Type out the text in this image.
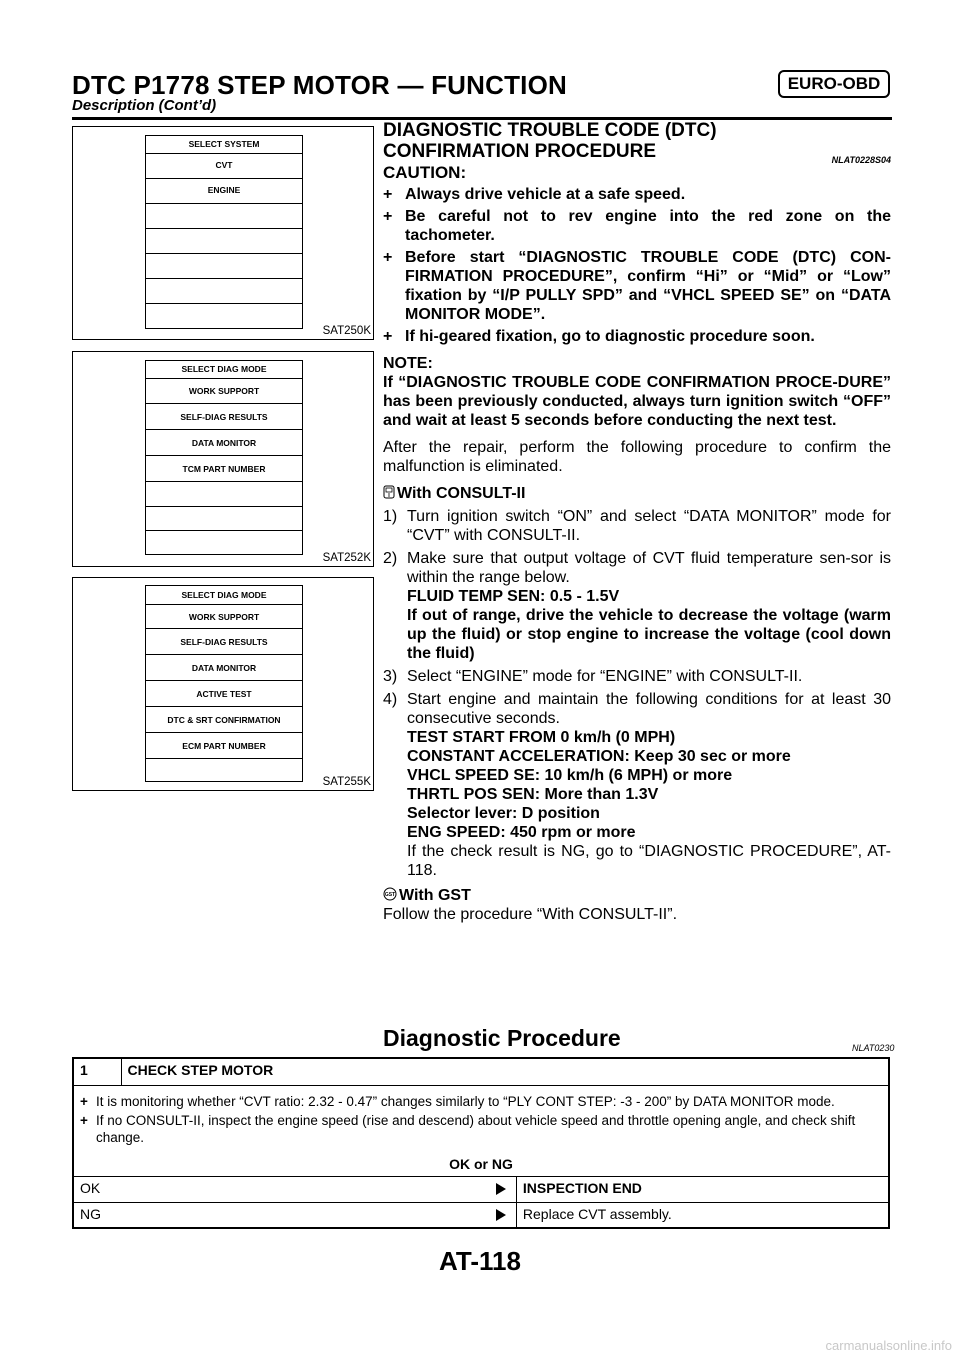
DTC P1778 STEP MOTOR — FUNCTION	EURO-OBD
Description (Cont’d)
SELECT SYSTEM
CVT
ENGINE
SAT250K
SELECT DIAG MODE
WORK SUPPORT
SELF-DIAG RESULTS
DATA MONITOR
TCM PART NUMBER
SAT252K
SELECT DIAG MODE
WORK SUPPORT
SELF-DIAG RESULTS
DATA MONITOR
ACTIVE TEST
DTC & SRT CONFIRMATION
ECM PART NUMBER
SAT255K
NLAT0228S04
DIAGNOSTIC TROUBLE CODE (DTC) CONFIRMATION PROCEDURE
CAUTION:
+ Always drive vehicle at a safe speed.
+ Be careful not to rev engine into the red zone on the tachometer.
+ Before start “DIAGNOSTIC TROUBLE CODE (DTC) CON-FIRMATION PROCEDURE”, confirm “Hi” or “Mid” or “Low” fixation by “I/P PULLY SPD” and “VHCL SPEED SE” on “DATA MONITOR MODE”.
+ If hi-geared fixation, go to diagnostic procedure soon.
NOTE:
If “DIAGNOSTIC TROUBLE CODE CONFIRMATION PROCE-DURE” has been previously conducted, always turn ignition switch “OFF” and wait at least 5 seconds before conducting the next test.
After the repair, perform the following procedure to confirm the malfunction is eliminated.
With CONSULT-II
1) Turn ignition switch “ON” and select “DATA MONITOR” mode for “CVT” with CONSULT-II.
2) Make sure that output voltage of CVT fluid temperature sen-sor is within the range below.
FLUID TEMP SEN: 0.5 - 1.5V
If out of range, drive the vehicle to decrease the voltage (warm up the fluid) or stop engine to increase the voltage (cool down the fluid)
3) Select “ENGINE” mode for “ENGINE” with CONSULT-II.
4) Start engine and maintain the following conditions for at least 30 consecutive seconds.
TEST START FROM 0 km/h (0 MPH)
CONSTANT ACCELERATION: Keep 30 sec or more
VHCL SPEED SE: 10 km/h (6 MPH) or more
THRTL POS SEN: More than 1.3V
Selector lever: D position
ENG SPEED: 450 rpm or more
If the check result is NG, go to “DIAGNOSTIC PROCEDURE”, AT-118.
GST With GST
Follow the procedure “With CONSULT-II”.
Diagnostic Procedure	NLAT0230
1	CHECK STEP MOTOR	

+ It is monitoring whether “CVT ratio: 2.32 - 0.47” changes similarly to “PLY CONT STEP: -3 - 200” by DATA MONITOR mode.
+ If no CONSULT-II, inspect the engine speed (rise and descend) about vehicle speed and throttle opening angle, and check shift change.
OK or NG

OK		INSPECTION END
NG		Replace CVT assembly.
AT-118
carmanualsonline.info
